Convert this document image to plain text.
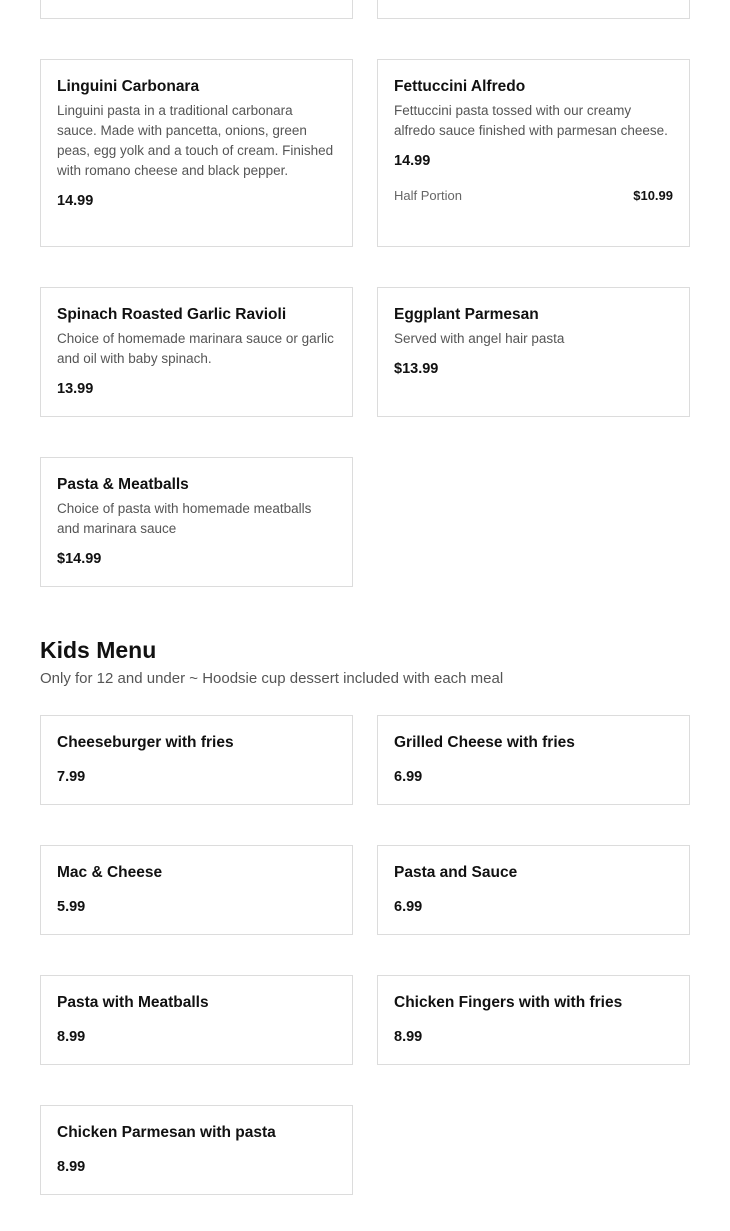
Linguini Carbonara
Linguini pasta in a traditional carbonara sauce. Made with pancetta, onions, green peas, egg yolk and a touch of cream. Finished with romano cheese and black pepper.
14.99
Fettuccini Alfredo
Fettuccini pasta tossed with our creamy alfredo sauce finished with parmesan cheese.
14.99
Half Portion	$10.99
Spinach Roasted Garlic Ravioli
Choice of homemade marinara sauce or garlic and oil with baby spinach.
13.99
Eggplant Parmesan
Served with angel hair pasta
$13.99
Pasta & Meatballs
Choice of pasta with homemade meatballs and marinara sauce
$14.99
Kids Menu
Only for 12 and under ~ Hoodsie cup dessert included with each meal
Cheeseburger with fries
7.99
Grilled Cheese with fries
6.99
Mac & Cheese
5.99
Pasta and Sauce
6.99
Pasta with Meatballs
8.99
Chicken Fingers with with fries
8.99
Chicken Parmesan with pasta
8.99
